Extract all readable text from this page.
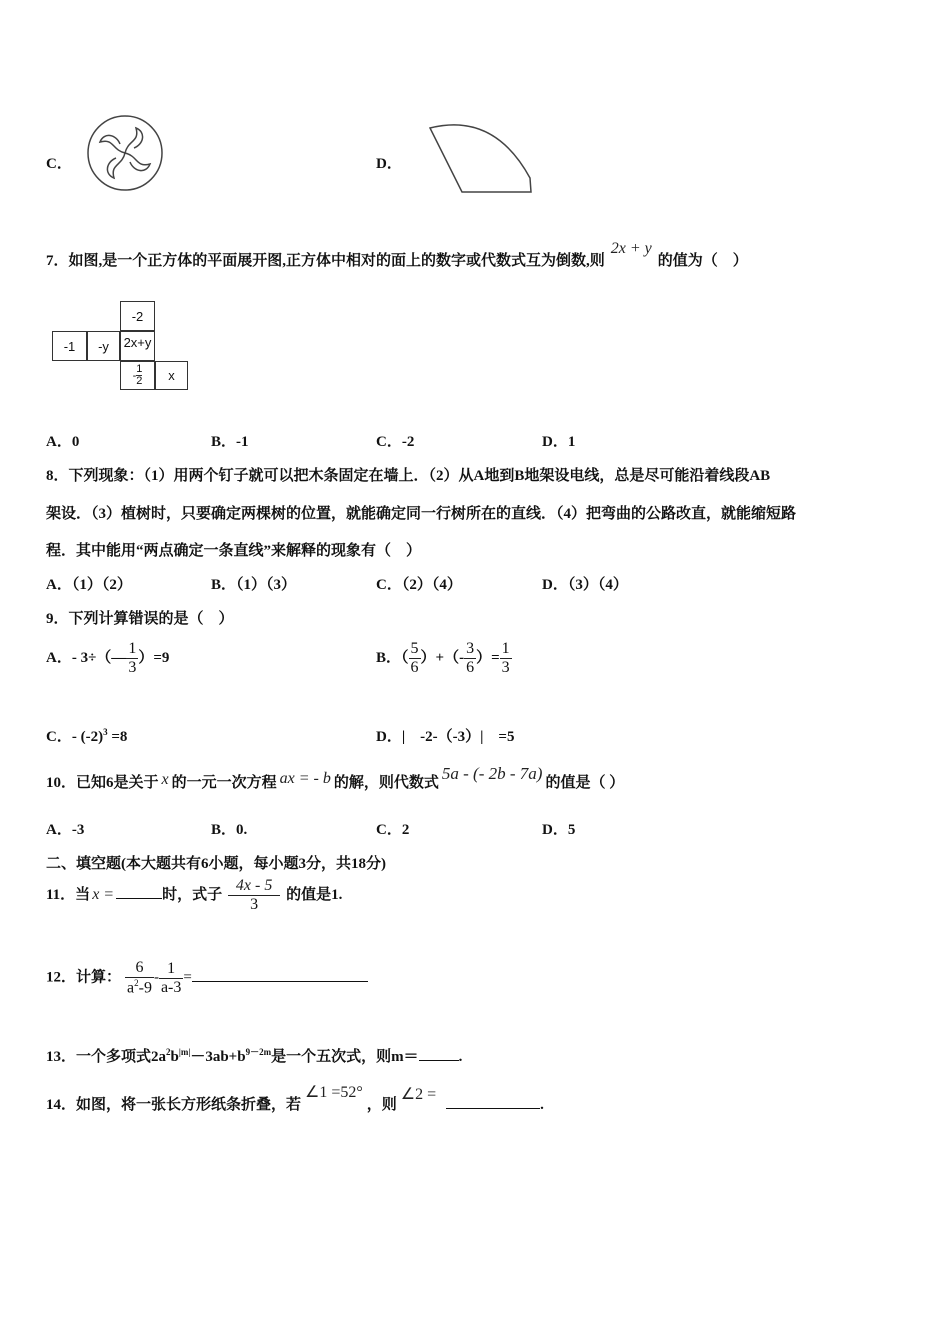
C．	D．
7．如图,是一个正方体的平面展开图,正方体中相对的面上的数字或代数式互为倒数,则2x + y的值为（　）
-2
-1	-y	2x+y
-
1
2	x
A．0	B．-1	C．-2	D．1
8．下列现象：（1）用两个钉子就可以把木条固定在墙上．（2）从A地到B地架设电线，总是尽可能沿着线段AB
架设．（3）植树时，只要确定两棵树的位置，就能确定同一行树所在的直线．（4）把弯曲的公路改直，就能缩短路
程．其中能用“两点确定一条直线”来解释的现象有（　）
A．（1）（2）	B．（1）（3）	C．（2）（4）	D．（3）（4）
9．下列计算错误的是（　）
A．- 3÷（— $\frac{1}{3} )=9$	B．（ $\frac{5}{6}$ ）+（- $\frac{3}{6}$ ）= $\frac{1}{3}$
C．- $(-2)^3 =8$	D．|　-2-（-3）|　=5
10．已知6是关于 x 的一元一次方程 ax = - b 的解，则代数式 5a - (- 2b - 7a) 的值是（ ）
A．-3	B．0.	C．2	D．5
二、填空题(本大题共有6小题，每小题3分，共18分)
11．当 x =	时，式子 $\frac{4x - 5}{3}$ 的值是1.
12．计算： $\frac{6}{a^2-9} - \frac{1}{a-3}$ =
13．一个多项式$2a^2b^{|m|}-3ab+b^{9-2m}$是一个五次式，则m＝	.
14．如图，将一张长方形纸条折叠，若∠1 =52°，则∠2 =.
